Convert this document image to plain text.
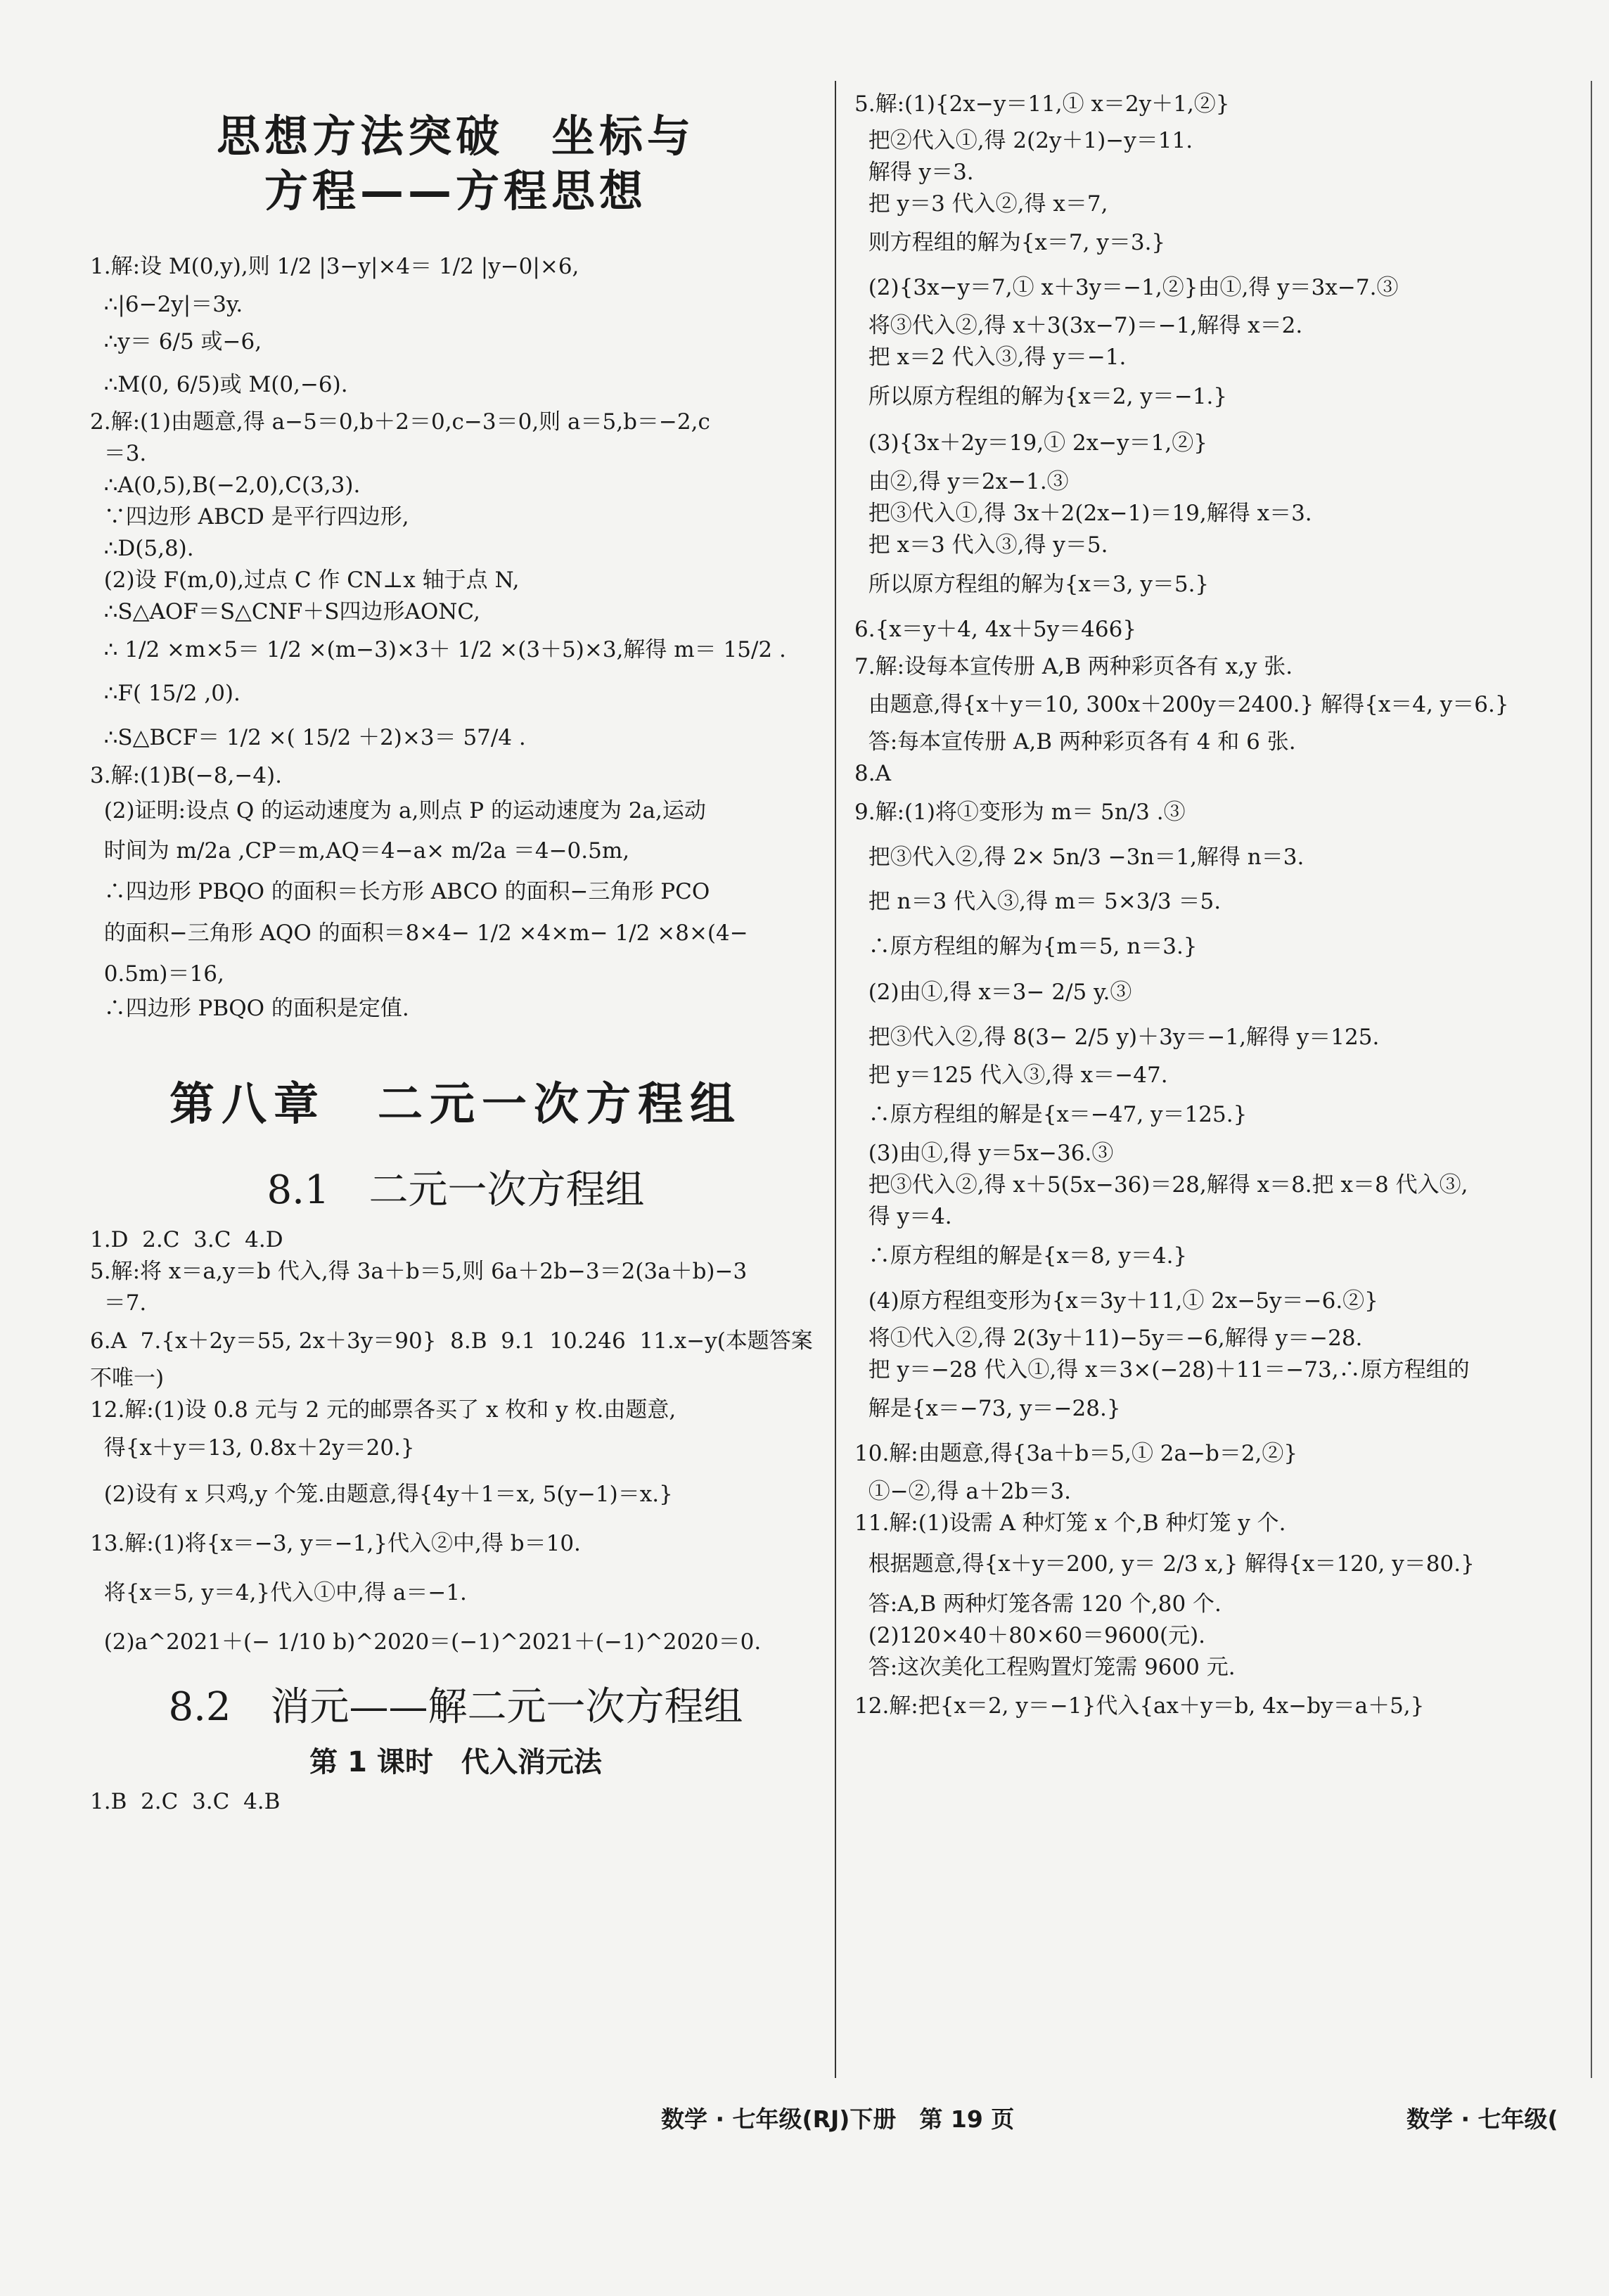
思想方法突破　坐标与
方程——方程思想

1.解:设 M(0,y),则 1/2 |3−y|×4＝ 1/2 |y−0|×6,

∴|6−2y|＝3y.

∴y＝ 6/5 或−6,

∴M(0, 6/5)或 M(0,−6).

2.解:(1)由题意,得 a−5＝0,b＋2＝0,c−3＝0,则 a＝5,b＝−2,c

＝3.

∴A(0,5),B(−2,0),C(3,3).

∵四边形 ABCD 是平行四边形,

∴D(5,8).

(2)设 F(m,0),过点 C 作 CN⊥x 轴于点 N,

∴S△AOF＝S△CNF＋S四边形AONC,

∴ 1/2 ×m×5＝ 1/2 ×(m−3)×3＋ 1/2 ×(3＋5)×3,解得 m＝ 15/2 .

∴F( 15/2 ,0).

∴S△BCF＝ 1/2 ×( 15/2 ＋2)×3＝ 57/4 .

3.解:(1)B(−8,−4).

(2)证明:设点 Q 的运动速度为 a,则点 P 的运动速度为 2a,运动

时间为 m/2a ,CP＝m,AQ＝4−a× m/2a ＝4−0.5m,

∴四边形 PBQO 的面积＝长方形 ABCO 的面积−三角形 PCO

的面积−三角形 AQO 的面积＝8×4− 1/2 ×4×m− 1/2 ×8×(4−

0.5m)＝16,

∴四边形 PBQO 的面积是定值.

第八章　二元一次方程组
8.1　二元一次方程组

1.D  2.C  3.C  4.D

5.解:将 x＝a,y＝b 代入,得 3a＋b＝5,则 6a＋2b−3＝2(3a＋b)−3

＝7.

6.A  7.{x＋2y＝55, 2x＋3y＝90}  8.B  9.1  10.246  11.x−y(本题答案

不唯一)

12.解:(1)设 0.8 元与 2 元的邮票各买了 x 枚和 y 枚.由题意,

得{x＋y＝13, 0.8x＋2y＝20.}

(2)设有 x 只鸡,y 个笼.由题意,得{4y＋1＝x, 5(y−1)＝x.}

13.解:(1)将{x＝−3, y＝−1,}代入②中,得 b＝10.

将{x＝5, y＝4,}代入①中,得 a＝−1.

(2)a^2021＋(− 1/10 b)^2020＝(−1)^2021＋(−1)^2020＝0.

8.2　消元——解二元一次方程组
第 1 课时　代入消元法

1.B  2.C  3.C  4.B

5.解:(1){2x−y＝11,① x＝2y＋1,②}

把②代入①,得 2(2y＋1)−y＝11.

解得 y＝3.

把 y＝3 代入②,得 x＝7,

则方程组的解为{x＝7, y＝3.}

(2){3x−y＝7,① x＋3y＝−1,②}由①,得 y＝3x−7.③

将③代入②,得 x＋3(3x−7)＝−1,解得 x＝2.

把 x＝2 代入③,得 y＝−1.

所以原方程组的解为{x＝2, y＝−1.}

(3){3x＋2y＝19,① 2x−y＝1,②}

由②,得 y＝2x−1.③

把③代入①,得 3x＋2(2x−1)＝19,解得 x＝3.

把 x＝3 代入③,得 y＝5.

所以原方程组的解为{x＝3, y＝5.}

6.{x＝y＋4, 4x＋5y＝466}

7.解:设每本宣传册 A,B 两种彩页各有 x,y 张.

由题意,得{x＋y＝10, 300x＋200y＝2400.} 解得{x＝4, y＝6.}

答:每本宣传册 A,B 两种彩页各有 4 和 6 张.

8.A

9.解:(1)将①变形为 m＝ 5n/3 .③

把③代入②,得 2× 5n/3 −3n＝1,解得 n＝3.

把 n＝3 代入③,得 m＝ 5×3/3 ＝5.

∴原方程组的解为{m＝5, n＝3.}

(2)由①,得 x＝3− 2/5 y.③

把③代入②,得 8(3− 2/5 y)＋3y＝−1,解得 y＝125.

把 y＝125 代入③,得 x＝−47.

∴原方程组的解是{x＝−47, y＝125.}

(3)由①,得 y＝5x−36.③

把③代入②,得 x＋5(5x−36)＝28,解得 x＝8.把 x＝8 代入③,

得 y＝4.

∴原方程组的解是{x＝8, y＝4.}

(4)原方程组变形为{x＝3y＋11,① 2x−5y＝−6.②}

将①代入②,得 2(3y＋11)−5y＝−6,解得 y＝−28.

把 y＝−28 代入①,得 x＝3×(−28)＋11＝−73,∴原方程组的

解是{x＝−73, y＝−28.}

10.解:由题意,得{3a＋b＝5,① 2a−b＝2,②}

①−②,得 a＋2b＝3.

11.解:(1)设需 A 种灯笼 x 个,B 种灯笼 y 个.

根据题意,得{x＋y＝200, y＝ 2/3 x,} 解得{x＝120, y＝80.}

答:A,B 两种灯笼各需 120 个,80 个.

(2)120×40＋80×60＝9600(元).

答:这次美化工程购置灯笼需 9600 元.

12.解:把{x＝2, y＝−1}代入{ax＋y＝b, 4x−by＝a＋5,}

数学 · 七年级(RJ)下册　第 19 页	数学 · 七年级(
